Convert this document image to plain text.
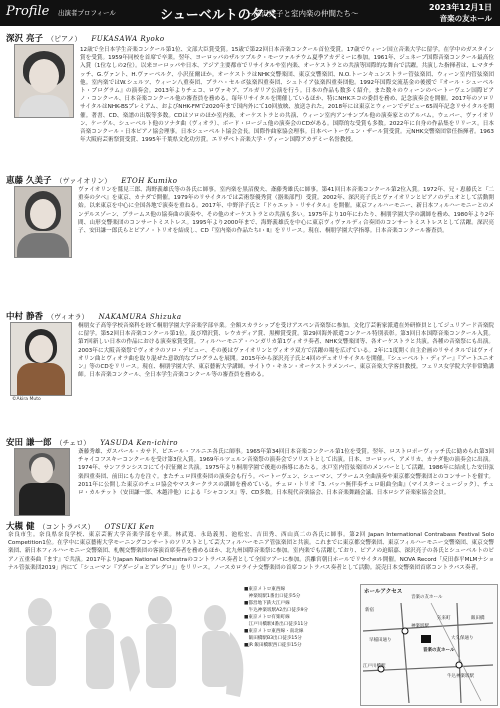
Profile 出演者プロフィール	シューベルトの夕べ
～深沢亮子と室内楽の仲間たち～
2023年12月1日
音楽の友ホール
深沢 亮子 （ピアノ） FUKASAWA Ryoko
12歳で全日本学生音楽コンクール第1位、文部大臣賞受賞。15歳で第22回日本音楽コンクール首位受賞。17歳でウィーン国立音楽大学に留学。在学中のガスタイン賞を受賞。1959年同校を首席で卒業。翌年、ヨーロッパのザルツブルク・モーツァルテウム夏季アカデミーに参加。1961年、ジュネーブ国際音楽コンクール最高位入賞（1位なしの2位）。以来ヨーロッパや日本、アジア主要都市でリサイタルや室内楽、オーケストラとの共演等国際的な舞台で活躍。共演した指揮者は、L.マタチッチ、G.ヴァント、H.ヴァーベルク、小沢征爾ほか。オーケストラはNHK交響楽団、東京交響楽団、N.O.トーンキュンストラー管弦楽団、ウィーン室内管弦楽団他。室内楽ではW.シュルツ、ウィーン八重奏団、プラハ・セルボ弦楽四重奏団、シュトイア弦楽四重奏団他。1992年国際交流基金の後援で『オール・シューベルト・プログラム』の演奏会。2013年よりチェコ、ロヴァキア、ブルガリア公演を行う。日本の作品も数多く紹介。また数々のウィーンのベートーヴェン国際ピアノ・コンクール、日本音楽コンクール他の審査員を務める。毎年リサイタルを開催しているほか、特にNHKエコの委員を務め、記念演奏会を開催。2017年のソロリサイタルはNHK-BSプレミアム、およびNHK-FMで2020年まで国内外にて10回放映、放送された。2018年には東京とウィーンでデビュー65周年記念リサイタルを開催。著書、CD、楽譜の出版等多数。CDはソロのほか室内楽、オーケストラとの共演、ウィーン室内アンサンブル他の演奏家とのアルバム。ウェバー、ヴァイオリン、ケーゲル、シューベルト他のソナタ曲（ヴィオラ）、ボード・ロージュ他の演奏会のCDがある。国際的な受賞も多数。2022年に自身の作品集をリリース。日本音楽コンクール・日本ピアノ協会理事。日本シューベルト協会会長。国際作曲家協会理事。日本ベートーヴェン・ザール賞受賞。元NHK交響楽団常任指揮者。1963年大阪府芸術祭賞受賞、1995年千葉県文化功労賞。エリザベト音楽大学・ヴィーン国際アカデミー名誉教授。
恵藤 久美子 （ヴァイオリン） ETOH Kumiko
ヴァイオリンを鷲見三郎、海野義雄氏等の各氏に師事。室内楽を黒沼俊夫、斎藤秀雄氏に師事。第41回日本音楽コンクール第2位入賞。1972年、兄・恵藤氏と『二重奏の夕べ』を東京、カナダで開催。1979年のリサイタルでは芸術祭優秀賞（器楽部門）受賞。2002年、深沢亮子氏とヴァイオリンとピアノのデュオとして活動開始。以来東京を中心に全国各地で演奏を重ねる。2017年、中野洋子氏と『ドゥエット・リサイタル』を開催。東京フィルハーモニー、新日本フィルハーモニーとのメンデルスゾーン、ブラームス他の協奏曲の演奏や、その他のオーケストラとの共演も多い。1975年より10年にわたり、桐朋学園大学の講師を務め、1980年より2年間、山形交響楽団のコンサートミストレス。1995年より2000年まで、海野義雄氏を中心に東京ヴィヴァルディ合奏団のコンサートミストレスとして活躍。深沢亮子、安田謙一郎氏らとピアノ・トリオを結成し、CD『室内楽の作品たちⅠ・Ⅱ』をリリース。現在、桐朋学園大学指導。日本音楽コンクール審査員。
中村 静香 （ヴィオラ） NAKAMURA Shizuka
©Akira Muto
桐朋女子高等学校音楽科を経て桐朋学園大学音楽学部卒業。全額スカラシップを受けアスペン音楽祭に参加。文化庁芸術家派遣在外研修員としてジュリアード音楽院に留学。第52回日本音楽コンクール第1位。及び増沢賞、レウカディア賞、黒柳賞受賞。第29回海外派遣コンクール特別表彰。第3回日本国際音楽コンクール入賞。第7回新しい日本の作品における演奏家賞受賞。フィルハーモニア・ハンガリカ第1ヴィオラ奏者、NHK交響楽団等、各オーケストラと共演。各種の音楽祭にも出演。2003年に大阪音楽祭でヴィオラのソロ・デビュー、その後はヴァイオリンとヴィオラ双方で活躍の場を広げている。2年に1度開く自主企画のリサイタルではヴァイオリン曲とヴィオラ曲を取り混ぜた意欲的なプログラムを展開。2015年から深沢亮子氏と4回のデュオリサイタルを開催。『シューベルト・ディアー』『アートユニオン』等のCDをリリース。現在、桐朋学園大学、東京藝術大学講師。サイトウ・キネン・オーケストラメンバー、東京音楽大学客員教授。フェリス女学院大学非常勤講師。日本音楽コンクール、全日本学生音楽コンクール等の審査員を務める。
安田 謙一郎 （チェロ） YASUDA Ken-ichiro
斎藤秀雄、ガスパール・カサド、ピエール・フルニエ各氏に師事。1965年第34回日本音楽コンクール第1位を受賞。翌年、ロストロポーヴィッチ氏に勧められ第3回チャイコフスキーコンクールを受け第3位入賞。1969年ルツェルン音楽祭の演奏会でソリストとして出演。日本、ヨーロッパ、アメリカ、カナダ他の演奏会に出演。1974年、サンフランシスコにて小沢征爾と共演。1975年より桐朋学園で後進の指導にあたる。水戸室内管弦楽団のメンバーとして活躍。1986年に結成した安田弦楽四重奏団、前田にも力を注ぐ。またチェロ四重奏団の演奏会も行う。ベートーヴェン、シューマン、ブラームス全曲演奏や東京都交響楽団とのコンサートを催す。2011年に公開した東京のチェロ協会やマスタークラスの講師を務めている。チェロ・トリオ『3. バッハ無伴奏チェロ組曲全曲』（マイスターミュージック）、チェロ・カルテット（安田謙一郎、木越洋他）による『シャコンヌ』等、CD多数。日本現代音楽協会、日本音楽舞踊会議、日本ロシア音楽家協会会員。
大槻 健 （コントラバス） OTSUKI Ken
奈良市生。奈良県奈良学校、東京芸術大学音楽学部を卒業。林武寛、永島義男、池松宏、吉田秀、西山真二の各氏に師事。第2回 Japan International Contrabass Festival Solo Competition1位。在学中に東京藝術大学モーニングコンサートのソリストとして芸大フィルハーモニア管弦楽団と共演。これまでに東京都交響楽団、東京フィルハーモニー交響楽団、東京交響楽団、新日本フィルハーモニー交響楽団、札幌交響楽団の客演首席奏者を務めるほか、北九州国際音楽祭に参加。室内楽でも活躍しており、ピアノの迫昭嘉、深沢亮子の各氏とシューベルトのピアノ五重奏曲『ます』で共演。2017年よりJapan National Orchestraのコントラバス奏者として全国ツアーに参加。浜離宮朝日ホールでリサイタル開催。NOVA Record「反田恭平MLMナショナル管弦楽団2019」内にて「シューマン『アダージョとアレグロ』」をリリース。ノースカロライナ交響楽団の首席コントラバス奏者として活動。読売日本交響楽団首席コントラバス奏者。
■東京メトロ東西線
　神楽坂駅1番出口徒歩5分
■都営地下鉄大江戸線
　牛込神楽坂駅A2出口徒歩9分
■東京メトロ有楽町線
　江戸川橋駅4番出口徒歩11分
■東京メトロ東西線・南北線
　飯田橋駅B3出口徒歩15分
■JR 飯田橋駅西口徒歩15分
ホールアクセス
音楽の友ホール
江戸川橋駅
神楽坂駅
矢来町
新宿
飯田橋
牛込神楽坂駅
大久保通り
早稲田通り
音楽の友ホール
